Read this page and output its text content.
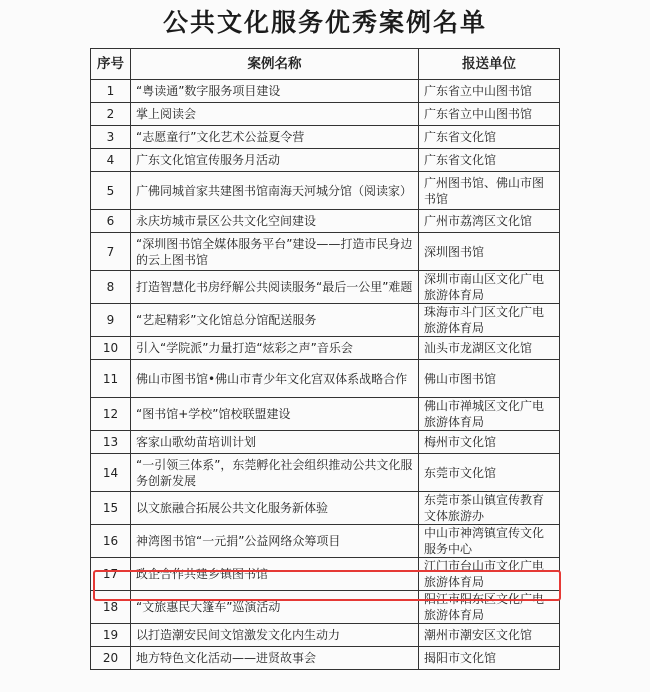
公共文化服务优秀案例名单
序号	案例名称	报送单位
1	“粤读通”数字服务项目建设	广东省立中山图书馆
2	掌上阅读会	广东省立中山图书馆
3	“志愿童行”文化艺术公益夏令营	广东省文化馆
4	广东文化馆宣传服务月活动	广东省文化馆
5	广佛同城首家共建图书馆南海天河城分馆（阅读家）	广州图书馆、佛山市图书馆
6	永庆坊城市景区公共文化空间建设	广州市荔湾区文化馆
7	“深圳图书馆全媒体服务平台”建设——打造市民身边的云上图书馆	深圳图书馆
8	打造智慧化书房纾解公共阅读服务“最后一公里”难题	深圳市南山区文化广电旅游体育局
9	“艺起精彩”文化馆总分馆配送服务	珠海市斗门区文化广电旅游体育局
10	引入“学院派”力量打造“炫彩之声”音乐会	汕头市龙湖区文化馆
11	佛山市图书馆•佛山市青少年文化宫双体系战略合作	佛山市图书馆
12	“图书馆+学校”馆校联盟建设	佛山市禅城区文化广电旅游体育局
13	客家山歌幼苗培训计划	梅州市文化馆
14	“一引领三体系”，东莞孵化社会组织推动公共文化服务创新发展	东莞市文化馆
15	以文旅融合拓展公共文化服务新体验	东莞市茶山镇宣传教育文体旅游办
16	神湾图书馆“一元捐”公益网络众筹项目	中山市神湾镇宣传文化服务中心
17	政企合作共建乡镇图书馆	江门市台山市文化广电旅游体育局
18	“文旅惠民大篷车”巡演活动	阳江市阳东区文化广电旅游体育局
19	以打造潮安民间文馆激发文化内生动力	潮州市潮安区文化馆
20	地方特色文化活动——进贤故事会	揭阳市文化馆
